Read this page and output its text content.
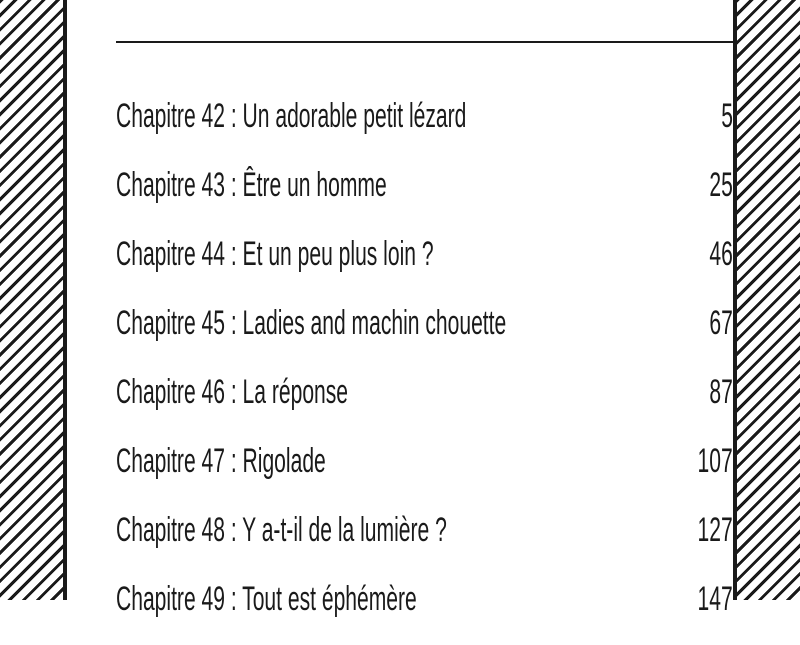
Chapitre 42 : Un adorable petit lézard	5
Chapitre 43 : Être un homme	25
Chapitre 44 : Et un peu plus loin ?	46
Chapitre 45 : Ladies and machin chouette	67
Chapitre 46 : La réponse	87
Chapitre 47 : Rigolade	107
Chapitre 48 : Y a-t-il de la lumière ?	127
Chapitre 49 : Tout est éphémère	147
